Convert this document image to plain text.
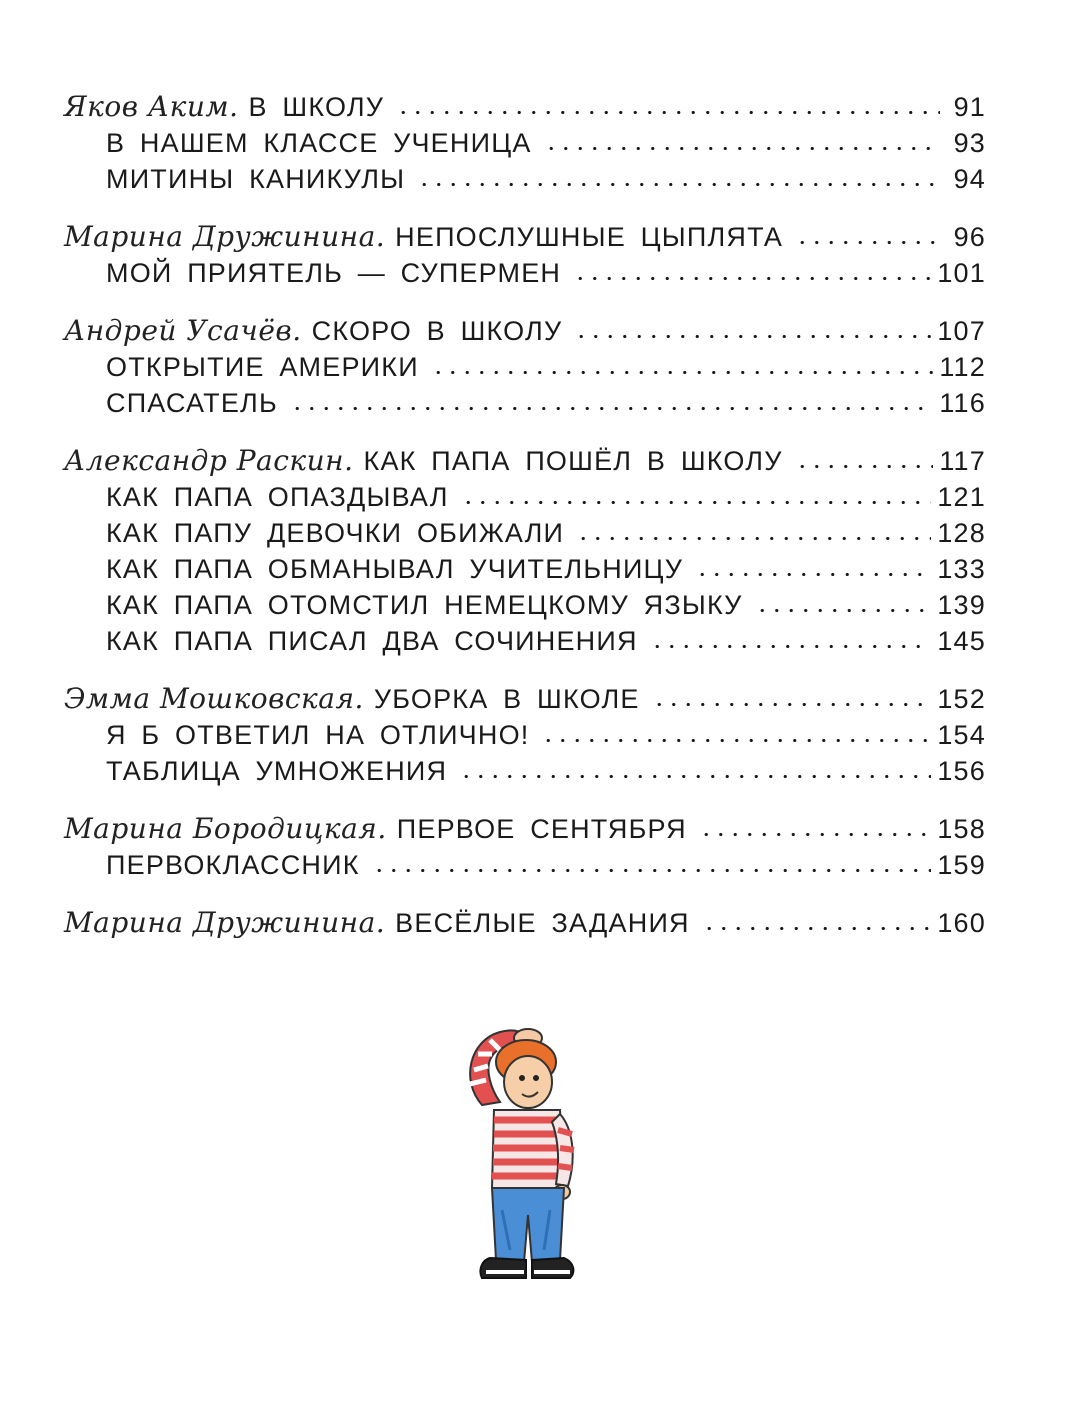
Яков Аким. В ШКОЛУ	91
В НАШЕМ КЛАССЕ УЧЕНИЦА	93
МИТИНЫ КАНИКУЛЫ	94
Марина Дружинина. НЕПОСЛУШНЫЕ ЦЫПЛЯТА	96
МОЙ ПРИЯТЕЛЬ — СУПЕРМЕН	101
Андрей Усачёв. СКОРО В ШКОЛУ	107
ОТКРЫТИЕ АМЕРИКИ	112
СПАСАТЕЛЬ	116
Александр Раскин. КАК ПАПА ПОШЁЛ В ШКОЛУ	117
КАК ПАПА ОПАЗДЫВАЛ	121
КАК ПАПУ ДЕВОЧКИ ОБИЖАЛИ	128
КАК ПАПА ОБМАНЫВАЛ УЧИТЕЛЬНИЦУ	133
КАК ПАПА ОТОМСТИЛ НЕМЕЦКОМУ ЯЗЫКУ	139
КАК ПАПА ПИСАЛ ДВА СОЧИНЕНИЯ	145
Эмма Мошковская. УБОРКА В ШКОЛЕ	152
Я Б ОТВЕТИЛ НА ОТЛИЧНО!	154
ТАБЛИЦА УМНОЖЕНИЯ	156
Марина Бородицкая. ПЕРВОЕ СЕНТЯБРЯ	158
ПЕРВОКЛАССНИК	159
Марина Дружинина. ВЕСЁЛЫЕ ЗАДАНИЯ	160
